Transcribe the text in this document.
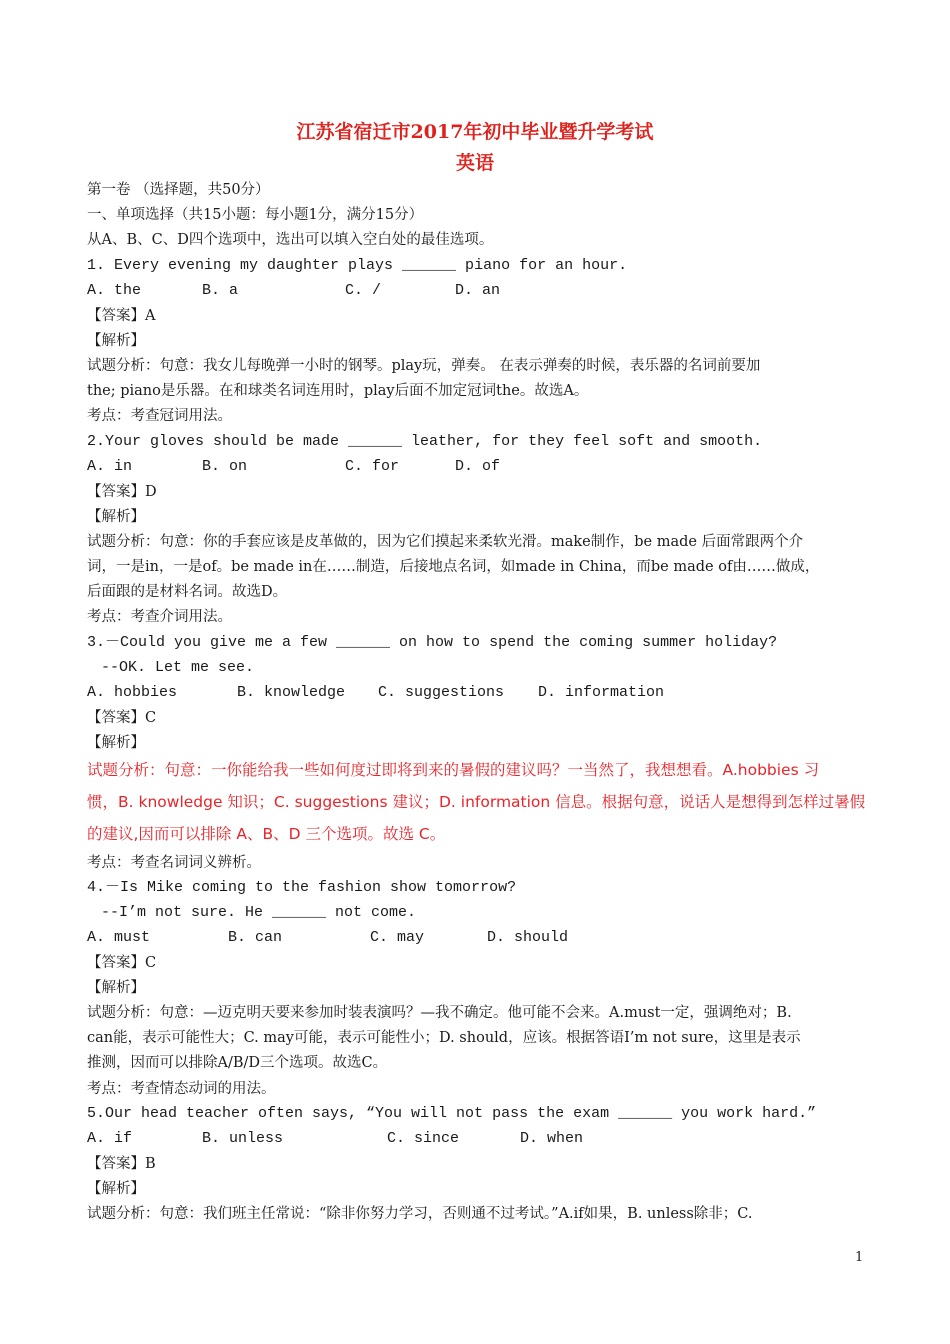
江苏省宿迁市2017年初中毕业暨升学考试
英语
第一卷 （选择题，共50分）
一、单项选择（共15小题：每小题1分，满分15分）
从A、B、C、D四个选项中，选出可以填入空白处的最佳选项。
1. Every evening my daughter plays ______ piano for an hour.
A. the	B. a	C. /	D. an
【答案】A
【解析】
试题分析：句意：我女儿每晚弹一小时的钢琴。play玩，弹奏。 在表示弹奏的时候，表乐器的名词前要加
the; piano是乐器。在和球类名词连用时，play后面不加定冠词the。故选A。
考点：考查冠词用法。
2.Your gloves should be made ______ leather, for they feel soft and smooth.
A. in	B. on	C. for	D. of
【答案】D
【解析】
试题分析：句意：你的手套应该是皮革做的，因为它们摸起来柔软光滑。make制作，be made 后面常跟两个介
词，一是in，一是of。be made in在……制造，后接地点名词，如made in China，而be made of由……做成，
后面跟的是材料名词。故选D。
考点：考查介词用法。
3.－Could you give me a few ______ on how to spend the coming summer holiday?
--OK. Let me see.
A. hobbies	B. knowledge C. suggestions D. information
【答案】C
【解析】
试题分析：句意：一你能给我一些如何度过即将到来的暑假的建议吗？一当然了，我想想看。A.hobbies 习
惯，B. knowledge 知识；C. suggestions 建议；D. information 信息。根据句意，说话人是想得到怎样过暑假
的建议,因而可以排除 A、B、D 三个选项。故选 C。
考点：考查名词词义辨析。
4.－Is Mike coming to the fashion show tomorrow?
--I’m not sure. He ______ not come.
A. must	B. can	C. may	D. should
【答案】C
【解析】
试题分析：句意：—迈克明天要来参加时装表演吗？—我不确定。他可能不会来。A.must一定，强调绝对；B.
can能，表示可能性大；C. may可能，表示可能性小；D. should，应该。根据答语I’m not sure，这里是表示
推测，因而可以排除A/B/D三个选项。故选C。
考点：考查情态动词的用法。
5.Our head teacher often says, “You will not pass the exam ______ you work hard.”
A. if	B. unless	C. since	D. when
【答案】B
【解析】
试题分析：句意：我们班主任常说：“除非你努力学习，否则通不过考试。”A.if如果，B. unless除非；C.
1
